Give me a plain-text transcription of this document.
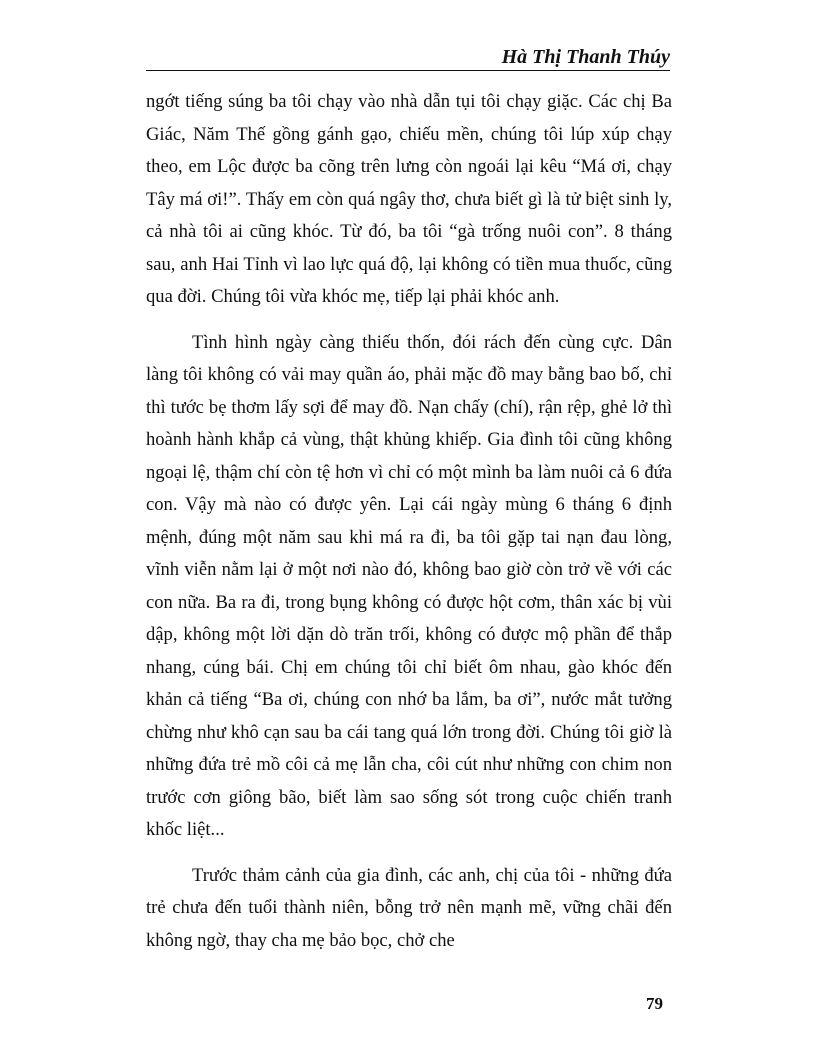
Hà Thị Thanh Thúy

ngớt tiếng súng ba tôi chạy vào nhà dẫn tụi tôi chạy giặc. Các chị Ba Giác, Năm Thế gồng gánh gạo, chiếu mền, chúng tôi lúp xúp chạy theo, em Lộc được ba cõng trên lưng còn ngoái lại kêu “Má ơi, chạy Tây má ơi!”. Thấy em còn quá ngây thơ, chưa biết gì là tử biệt sinh ly, cả nhà tôi ai cũng khóc. Từ đó, ba tôi “gà trống nuôi con”. 8 tháng sau, anh Hai Tỉnh vì lao lực quá độ, lại không có tiền mua thuốc, cũng qua đời. Chúng tôi vừa khóc mẹ, tiếp lại phải khóc anh.

Tình hình ngày càng thiếu thốn, đói rách đến cùng cực. Dân làng tôi không có vải may quần áo, phải mặc đồ may bằng bao bố, chỉ thì tước bẹ thơm lấy sợi để may đồ. Nạn chấy (chí), rận rệp, ghẻ lở thì hoành hành khắp cả vùng, thật khủng khiếp. Gia đình tôi cũng không ngoại lệ, thậm chí còn tệ hơn vì chỉ có một mình ba làm nuôi cả 6 đứa con. Vậy mà nào có được yên. Lại cái ngày mùng 6 tháng 6 định mệnh, đúng một năm sau khi má ra đi, ba tôi gặp tai nạn đau lòng, vĩnh viễn nằm lại ở một nơi nào đó, không bao giờ còn trở về với các con nữa. Ba ra đi, trong bụng không có được hột cơm, thân xác bị vùi dập, không một lời dặn dò trăn trối, không có được mộ phần để thắp nhang, cúng bái. Chị em chúng tôi chỉ biết ôm nhau, gào khóc đến khản cả tiếng “Ba ơi, chúng con nhớ ba lắm, ba ơi”, nước mắt tưởng chừng như khô cạn sau ba cái tang quá lớn trong đời. Chúng tôi giờ là những đứa trẻ mồ côi cả mẹ lẫn cha, côi cút như những con chim non trước cơn giông bão, biết làm sao sống sót trong cuộc chiến tranh khốc liệt...

Trước thảm cảnh của gia đình, các anh, chị của tôi - những đứa trẻ chưa đến tuổi thành niên, bỗng trở nên mạnh mẽ, vững chãi đến không ngờ, thay cha mẹ bảo bọc, chở che

79
